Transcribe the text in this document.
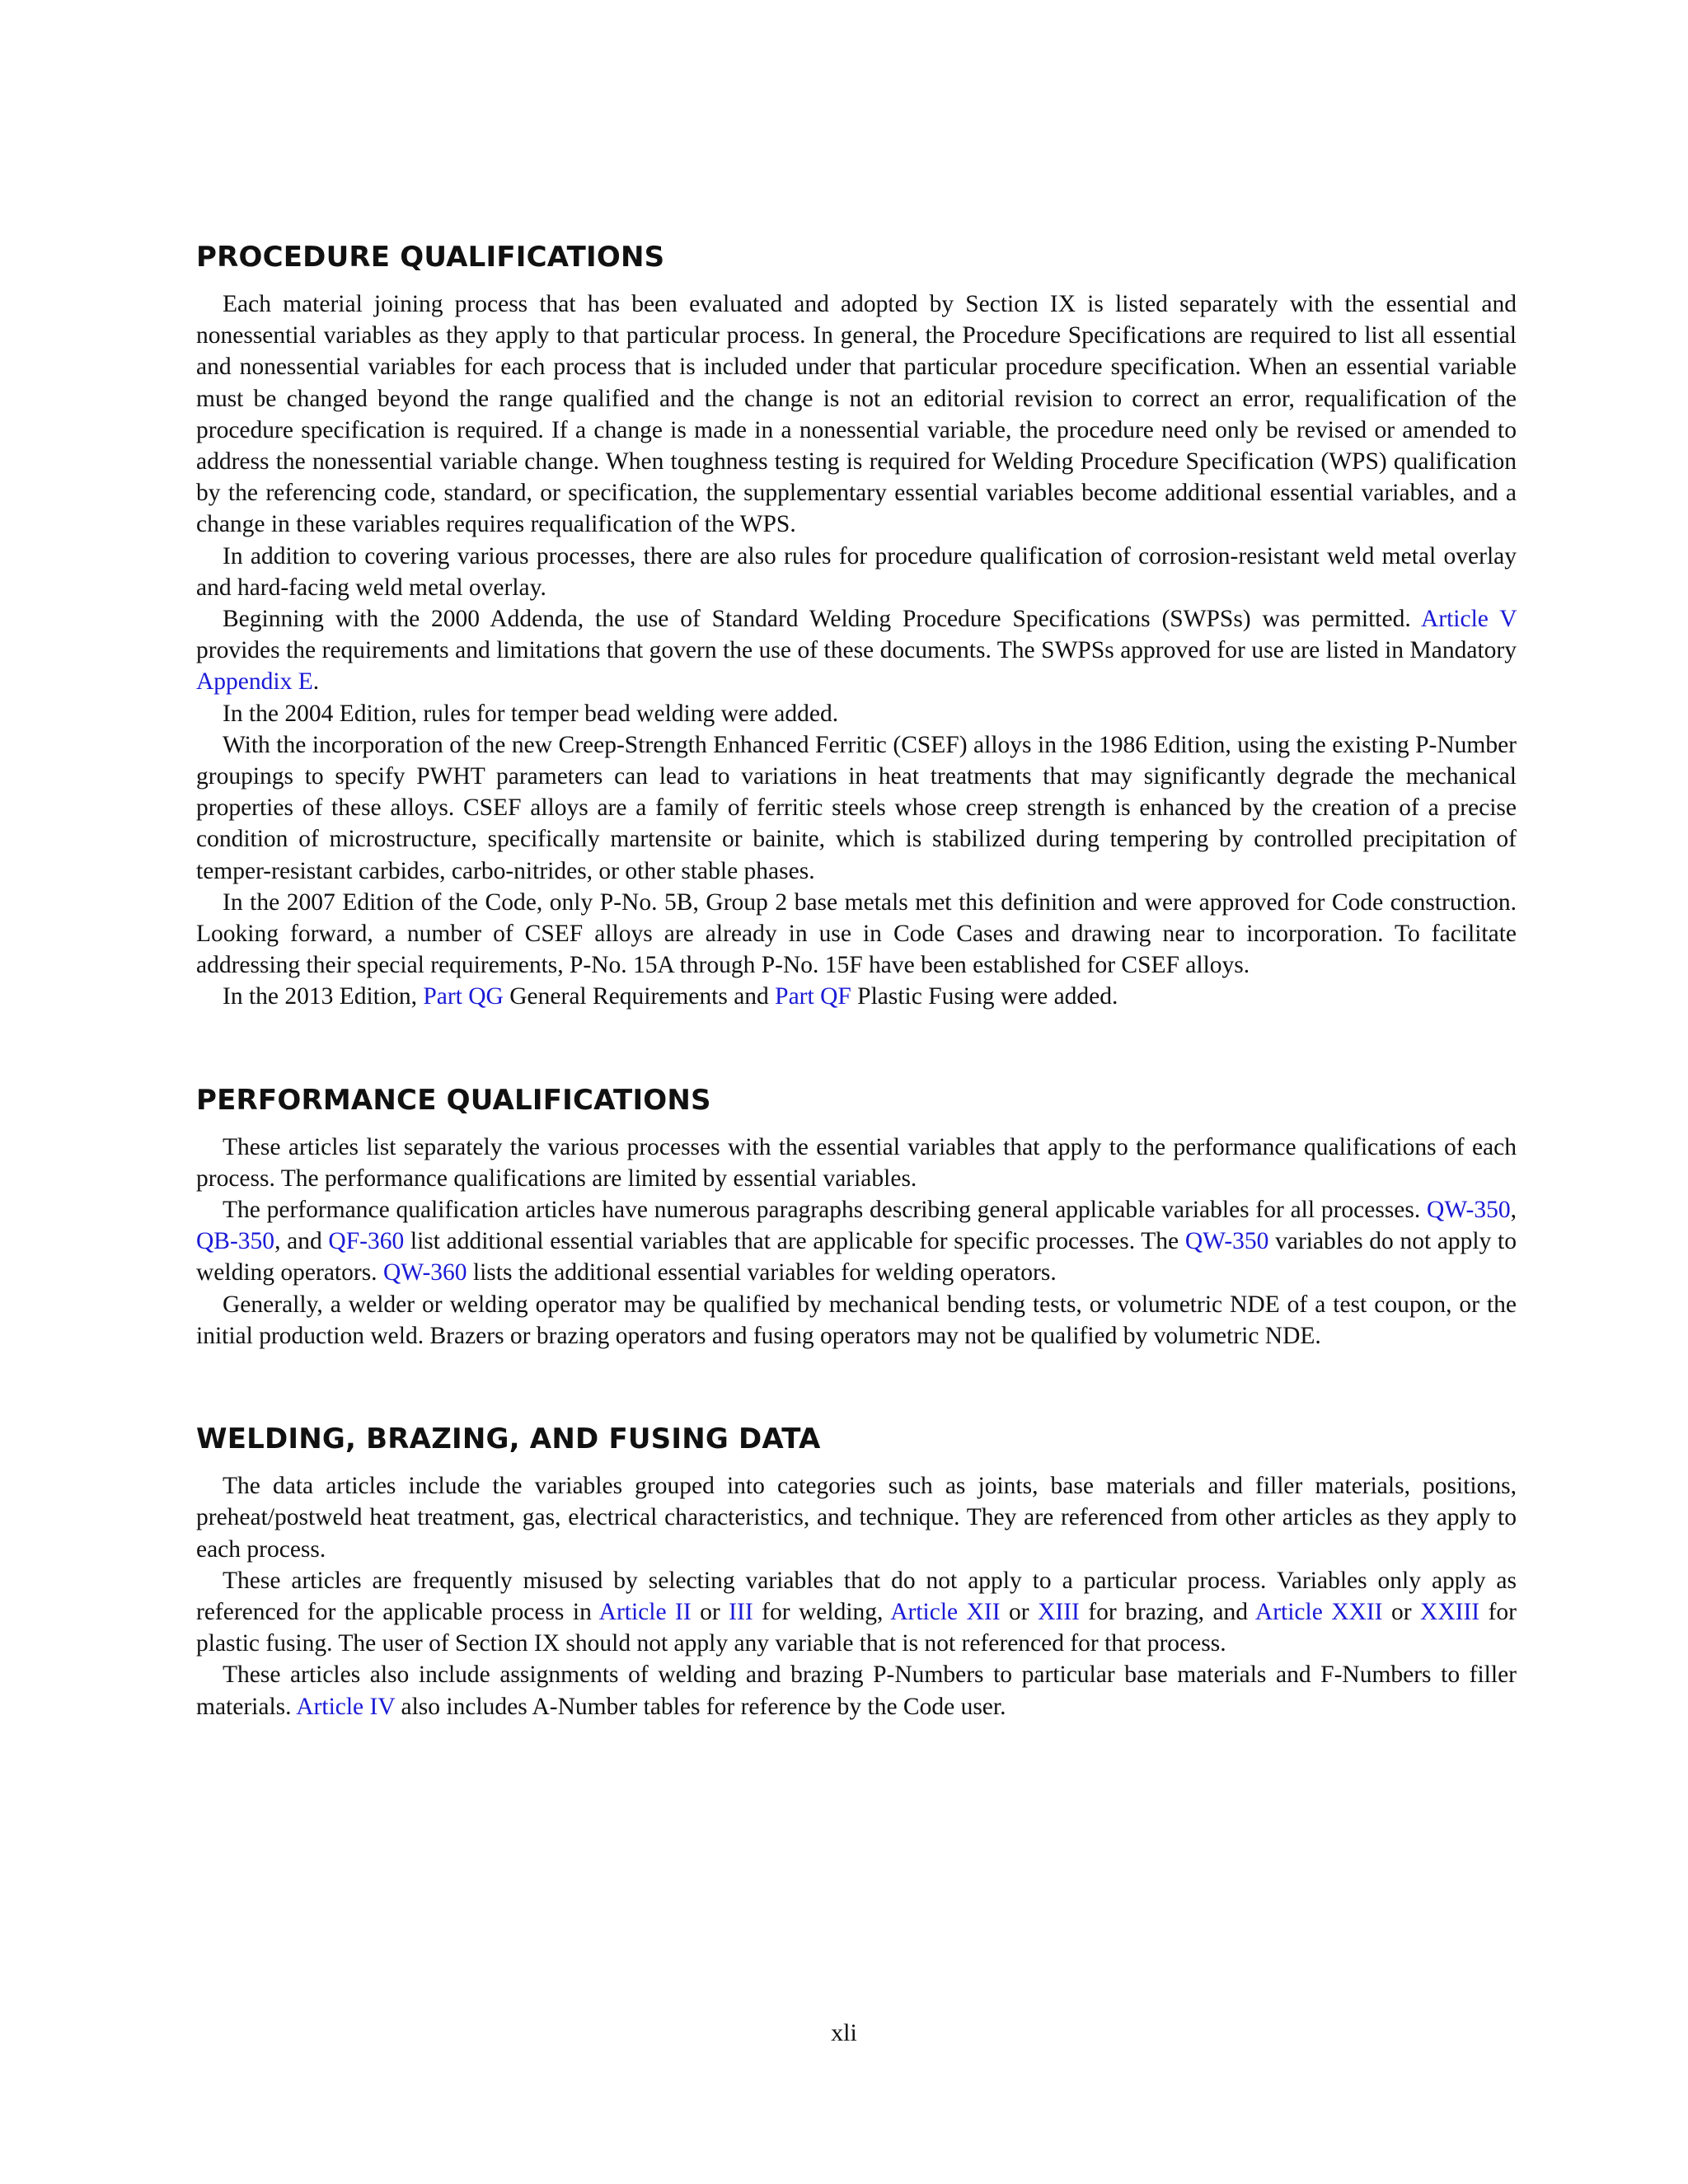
PROCEDURE QUALIFICATIONS

Each material joining process that has been evaluated and adopted by Section IX is listed separately with the essential and nonessential variables as they apply to that particular process. In general, the Procedure Specifications are required to list all essential and nonessential variables for each process that is included under that particular procedure specification. When an essential variable must be changed beyond the range qualified and the change is not an editorial revision to correct an error, requalification of the procedure specification is required. If a change is made in a nonessential variable, the procedure need only be revised or amended to address the nonessential variable change. When toughness testing is required for Welding Procedure Specification (WPS) qualification by the referencing code, standard, or specification, the supplementary essential variables become additional essential variables, and a change in these variables requires requalification of the WPS.

In addition to covering various processes, there are also rules for procedure qualification of corrosion-resistant weld metal overlay and hard-facing weld metal overlay.

Beginning with the 2000 Addenda, the use of Standard Welding Procedure Specifications (SWPSs) was permitted. Article V provides the requirements and limitations that govern the use of these documents. The SWPSs approved for use are listed in Mandatory Appendix E.

In the 2004 Edition, rules for temper bead welding were added.

With the incorporation of the new Creep-Strength Enhanced Ferritic (CSEF) alloys in the 1986 Edition, using the existing P-Number groupings to specify PWHT parameters can lead to variations in heat treatments that may significantly degrade the mechanical properties of these alloys. CSEF alloys are a family of ferritic steels whose creep strength is enhanced by the creation of a precise condition of microstructure, specifically martensite or bainite, which is stabilized during tempering by controlled precipitation of temper-resistant carbides, carbo-nitrides, or other stable phases.

In the 2007 Edition of the Code, only P-No. 5B, Group 2 base metals met this definition and were approved for Code construction. Looking forward, a number of CSEF alloys are already in use in Code Cases and drawing near to incorporation. To facilitate addressing their special requirements, P-No. 15A through P-No. 15F have been established for CSEF alloys.

In the 2013 Edition, Part QG General Requirements and Part QF Plastic Fusing were added.

PERFORMANCE QUALIFICATIONS

These articles list separately the various processes with the essential variables that apply to the performance qualifications of each process. The performance qualifications are limited by essential variables.

The performance qualification articles have numerous paragraphs describing general applicable variables for all processes. QW-350, QB-350, and QF-360 list additional essential variables that are applicable for specific processes. The QW-350 variables do not apply to welding operators. QW-360 lists the additional essential variables for welding operators.

Generally, a welder or welding operator may be qualified by mechanical bending tests, or volumetric NDE of a test coupon, or the initial production weld. Brazers or brazing operators and fusing operators may not be qualified by volumetric NDE.

WELDING, BRAZING, AND FUSING DATA

The data articles include the variables grouped into categories such as joints, base materials and filler materials, positions, preheat/postweld heat treatment, gas, electrical characteristics, and technique. They are referenced from other articles as they apply to each process.

These articles are frequently misused by selecting variables that do not apply to a particular process. Variables only apply as referenced for the applicable process in Article II or III for welding, Article XII or XIII for brazing, and Article XXII or XXIII for plastic fusing. The user of Section IX should not apply any variable that is not referenced for that process.

These articles also include assignments of welding and brazing P-Numbers to particular base materials and F-Numbers to filler materials. Article IV also includes A-Number tables for reference by the Code user.

xli
